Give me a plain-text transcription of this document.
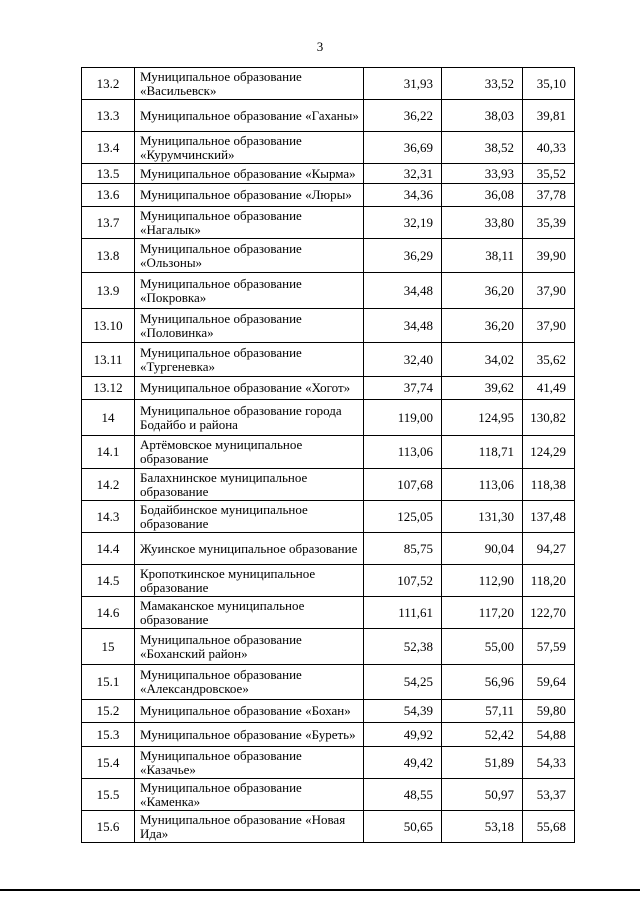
3
13.2	Муниципальное образование «Васильевск»	31,93	33,52	35,10
13.3	Муниципальное образование «Гаханы»	36,22	38,03	39,81
13.4	Муниципальное образование «Курумчинский»	36,69	38,52	40,33
13.5	Муниципальное образование «Кырма»	32,31	33,93	35,52
13.6	Муниципальное образование «Люры»	34,36	36,08	37,78
13.7	Муниципальное образование «Нагалык»	32,19	33,80	35,39
13.8	Муниципальное образование «Ользоны»	36,29	38,11	39,90
13.9	Муниципальное образование «Покровка»	34,48	36,20	37,90
13.10	Муниципальное образование «Половинка»	34,48	36,20	37,90
13.11	Муниципальное образование «Тургеневка»	32,40	34,02	35,62
13.12	Муниципальное образование «Хогот»	37,74	39,62	41,49
14	Муниципальное образование города Бодайбо и района	119,00	124,95	130,82
14.1	Артёмовское муниципальное образование	113,06	118,71	124,29
14.2	Балахнинское муниципальное образование	107,68	113,06	118,38
14.3	Бодайбинское муниципальное образование	125,05	131,30	137,48
14.4	Жуинское муниципальное образование	85,75	90,04	94,27
14.5	Кропоткинское муниципальное образование	107,52	112,90	118,20
14.6	Мамаканское муниципальное образование	111,61	117,20	122,70
15	Муниципальное образование «Боханский район»	52,38	55,00	57,59
15.1	Муниципальное образование «Александровское»	54,25	56,96	59,64
15.2	Муниципальное образование «Бохан»	54,39	57,11	59,80
15.3	Муниципальное образование «Буреть»	49,92	52,42	54,88
15.4	Муниципальное образование «Казачье»	49,42	51,89	54,33
15.5	Муниципальное образование «Каменка»	48,55	50,97	53,37
15.6	Муниципальное образование «Новая Ида»	50,65	53,18	55,68
